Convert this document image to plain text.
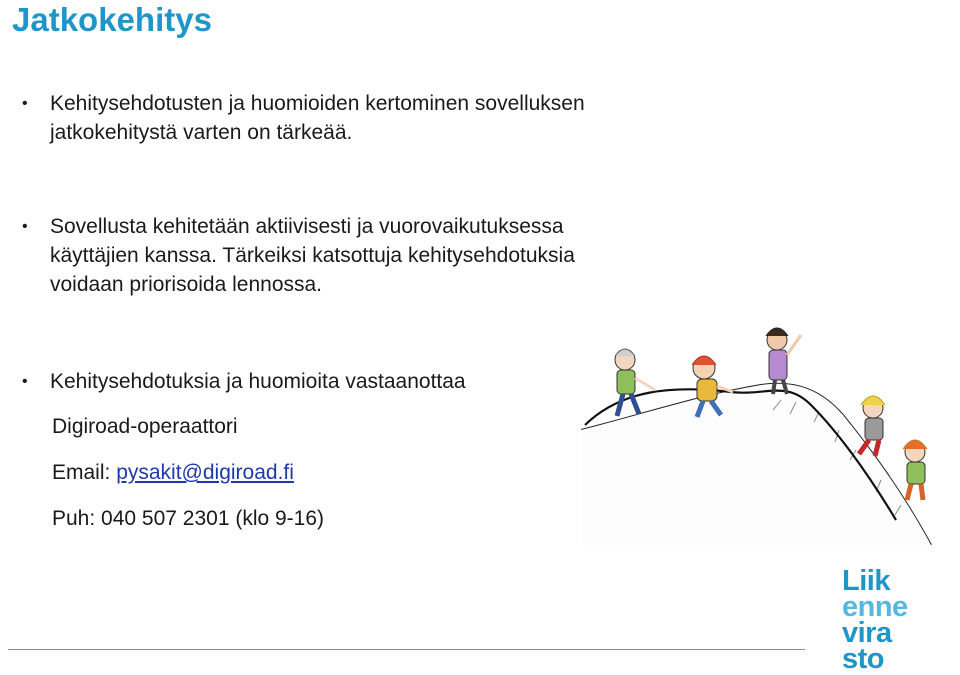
Jatkokehitys
• Kehitysehdotusten ja huomioiden kertominen sovelluksen
jatkokehitystä varten on tärkeää.
• Sovellusta kehitetään aktiivisesti ja vuorovaikutuksessa
käyttäjien kanssa. Tärkeiksi katsottuja kehitysehdotuksia
voidaan priorisoida lennossa.
• Kehitysehdotuksia ja huomioita vastaanottaa
Digiroad-operaattori
Email: pysakit@digiroad.fi
Puh: 040 507 2301 (klo 9-16)
Liik
enne
vira
sto
